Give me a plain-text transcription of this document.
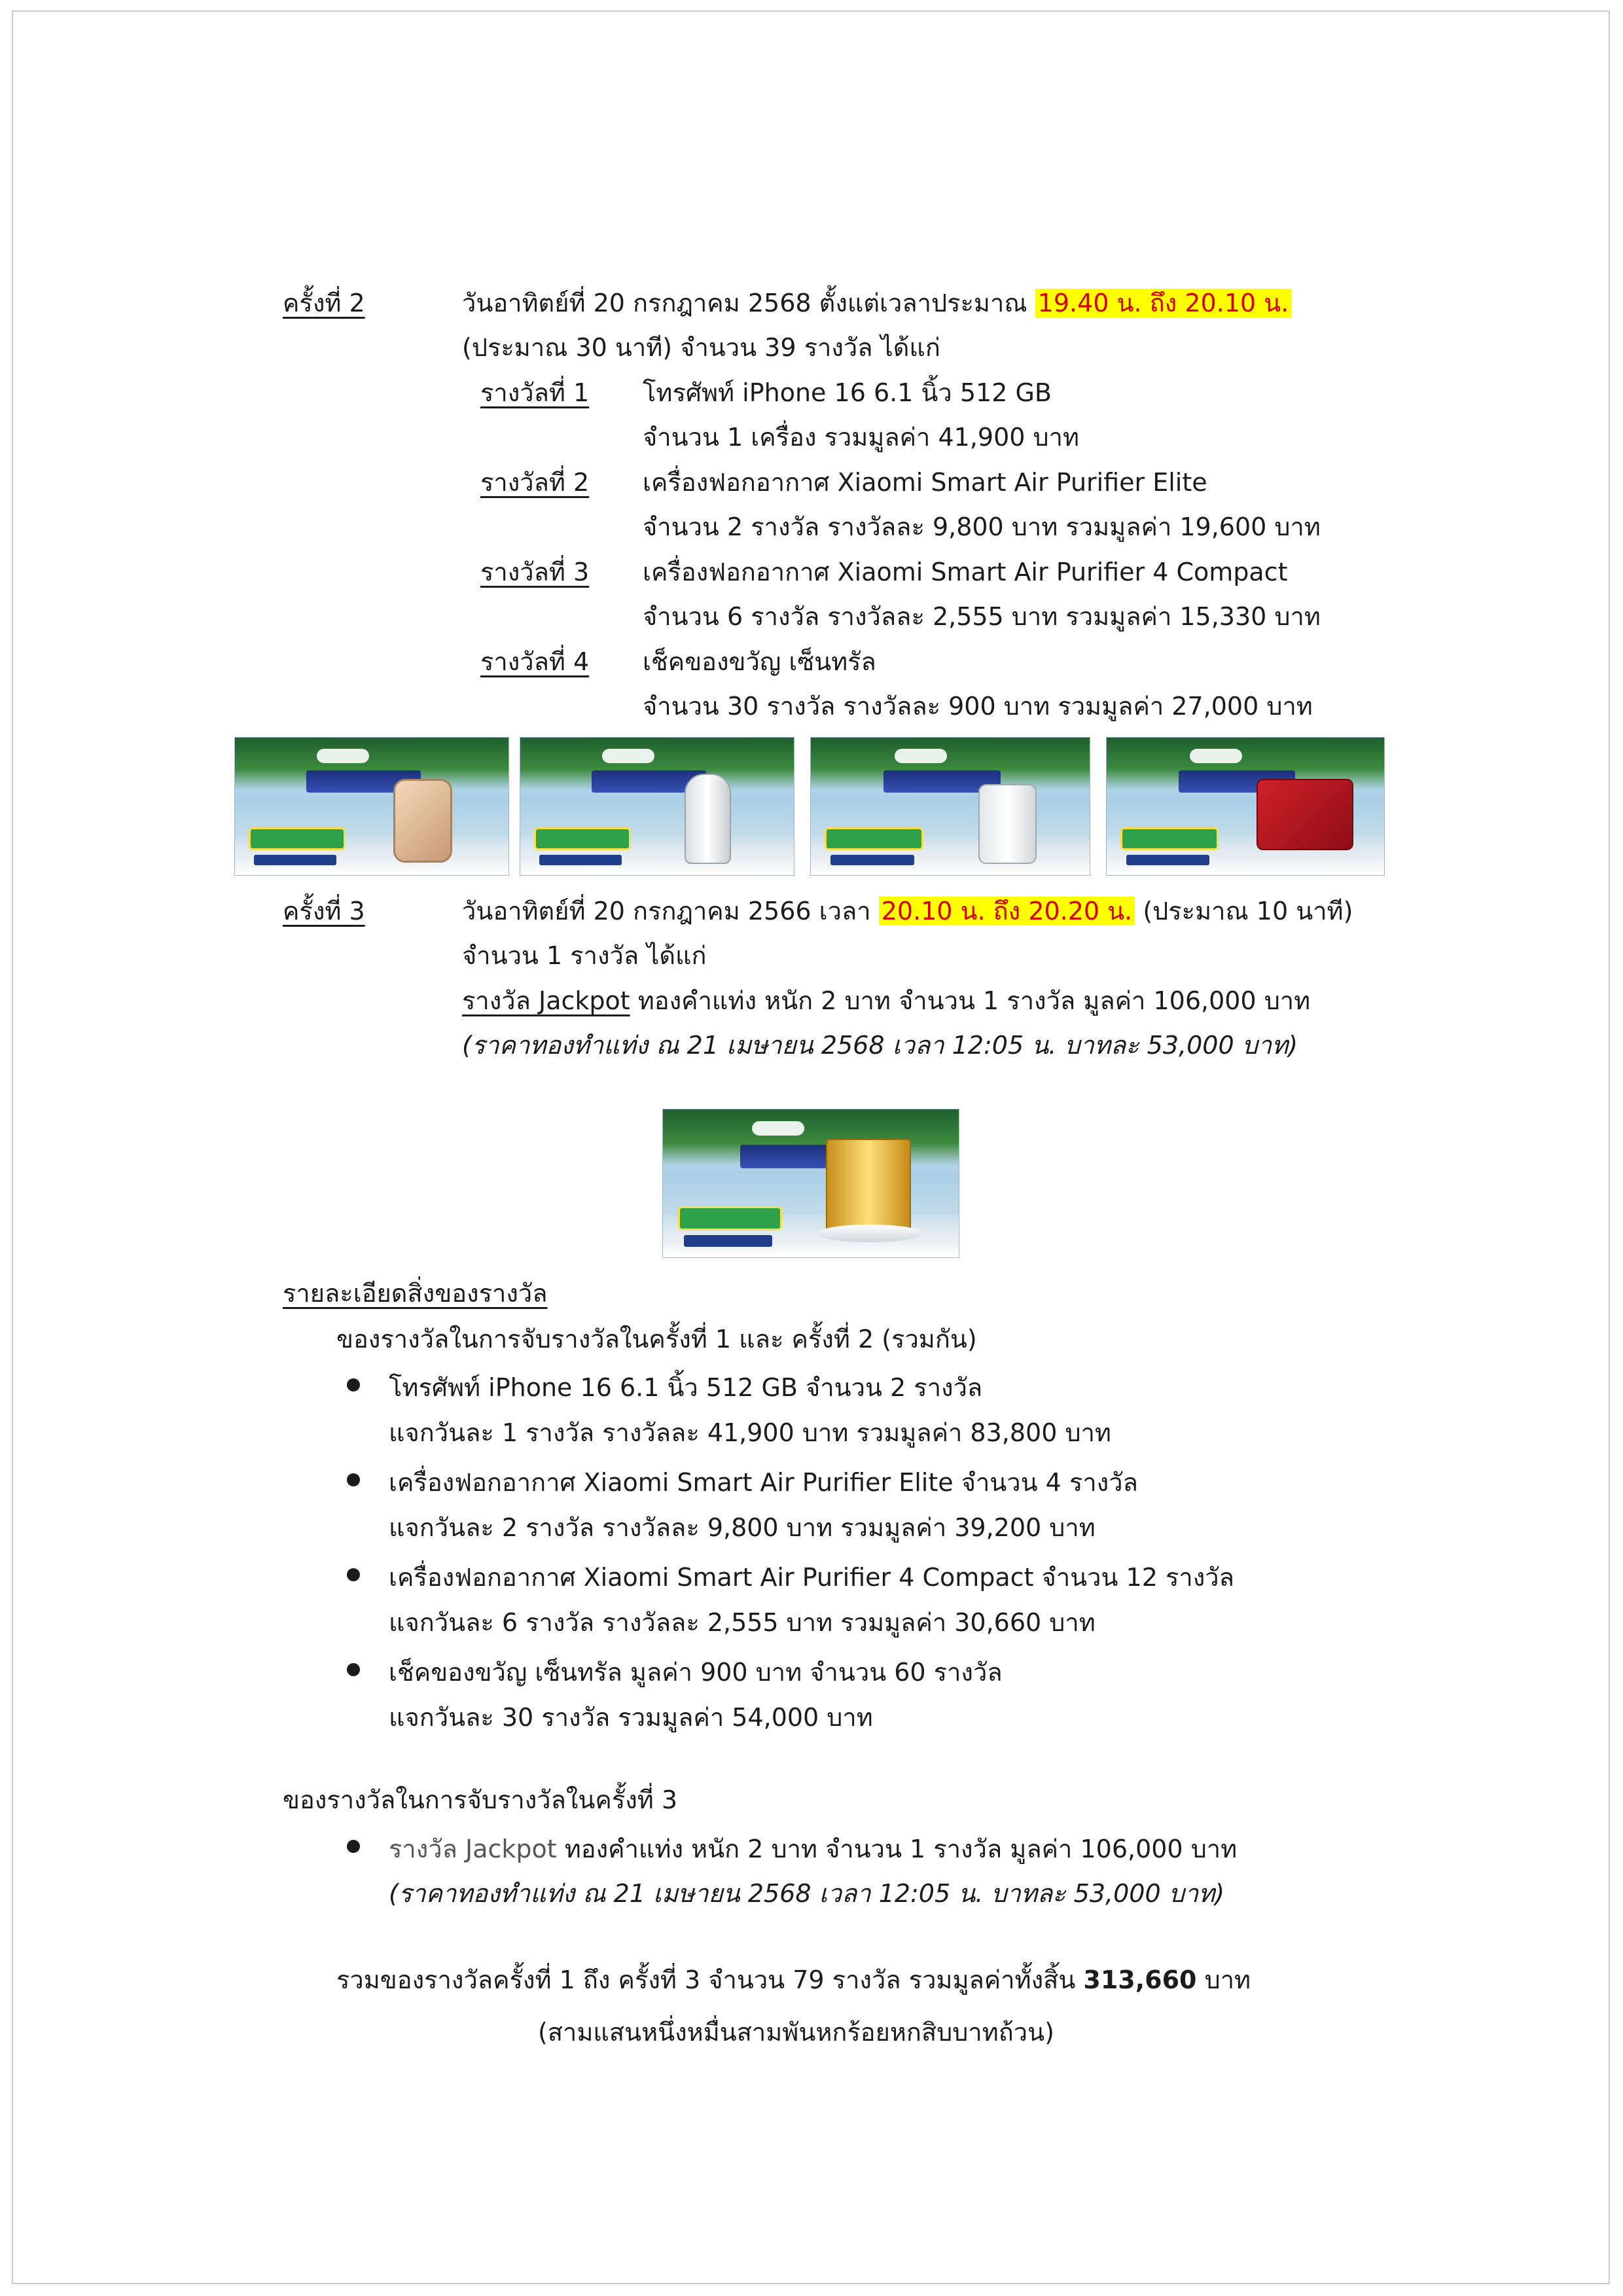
ครั้งที่ 2	วันอาทิตย์ที่ 20 กรกฎาคม 2568 ตั้งแต่เวลาประมาณ 19.40 น. ถึง 20.10 น.
(ประมาณ 30 นาที) จำนวน 39 รางวัล ได้แก่
รางวัลที่ 1 โทรศัพท์ iPhone 16 6.1 นิ้ว 512 GB
จำนวน 1 เครื่อง รวมมูลค่า 41,900 บาท
รางวัลที่ 2 เครื่องฟอกอากาศ Xiaomi Smart Air Purifier Elite
จำนวน 2 รางวัล รางวัลละ 9,800 บาท รวมมูลค่า 19,600 บาท
รางวัลที่ 3 เครื่องฟอกอากาศ Xiaomi Smart Air Purifier 4 Compact
จำนวน 6 รางวัล รางวัลละ 2,555 บาท รวมมูลค่า 15,330 บาท
รางวัลที่ 4 เช็คของขวัญ เซ็นทรัล
จำนวน 30 รางวัล รางวัลละ 900 บาท รวมมูลค่า 27,000 บาท
ครั้งที่ 3	วันอาทิตย์ที่ 20 กรกฎาคม 2566 เวลา 20.10 น. ถึง 20.20 น. (ประมาณ 10 นาที)
จำนวน 1 รางวัล ได้แก่
รางวัล Jackpot ทองคำแท่ง หนัก 2 บาท จำนวน 1 รางวัล มูลค่า 106,000 บาท
(ราคาทองทำแท่ง ณ 21 เมษายน 2568 เวลา 12:05 น. บาทละ 53,000 บาท)
รายละเอียดสิ่งของรางวัล
ของรางวัลในการจับรางวัลในครั้งที่ 1 และ ครั้งที่ 2 (รวมกัน)
โทรศัพท์ iPhone 16 6.1 นิ้ว 512 GB จำนวน 2 รางวัล
แจกวันละ 1 รางวัล รางวัลละ 41,900 บาท รวมมูลค่า 83,800 บาท
เครื่องฟอกอากาศ Xiaomi Smart Air Purifier Elite จำนวน 4 รางวัล
แจกวันละ 2 รางวัล รางวัลละ 9,800 บาท รวมมูลค่า 39,200 บาท
เครื่องฟอกอากาศ Xiaomi Smart Air Purifier 4 Compact จำนวน 12 รางวัล
แจกวันละ 6 รางวัล รางวัลละ 2,555 บาท รวมมูลค่า 30,660 บาท
เช็คของขวัญ เซ็นทรัล มูลค่า 900 บาท จำนวน 60 รางวัล
แจกวันละ 30 รางวัล รวมมูลค่า 54,000 บาท
ของรางวัลในการจับรางวัลในครั้งที่ 3
รางวัล Jackpot ทองคำแท่ง หนัก 2 บาท จำนวน 1 รางวัล มูลค่า 106,000 บาท
(ราคาทองทำแท่ง ณ 21 เมษายน 2568 เวลา 12:05 น. บาทละ 53,000 บาท)
รวมของรางวัลครั้งที่ 1 ถึง ครั้งที่ 3 จำนวน 79 รางวัล รวมมูลค่าทั้งสิ้น 313,660 บาท
(สามแสนหนึ่งหมื่นสามพันหกร้อยหกสิบบาทถ้วน)
